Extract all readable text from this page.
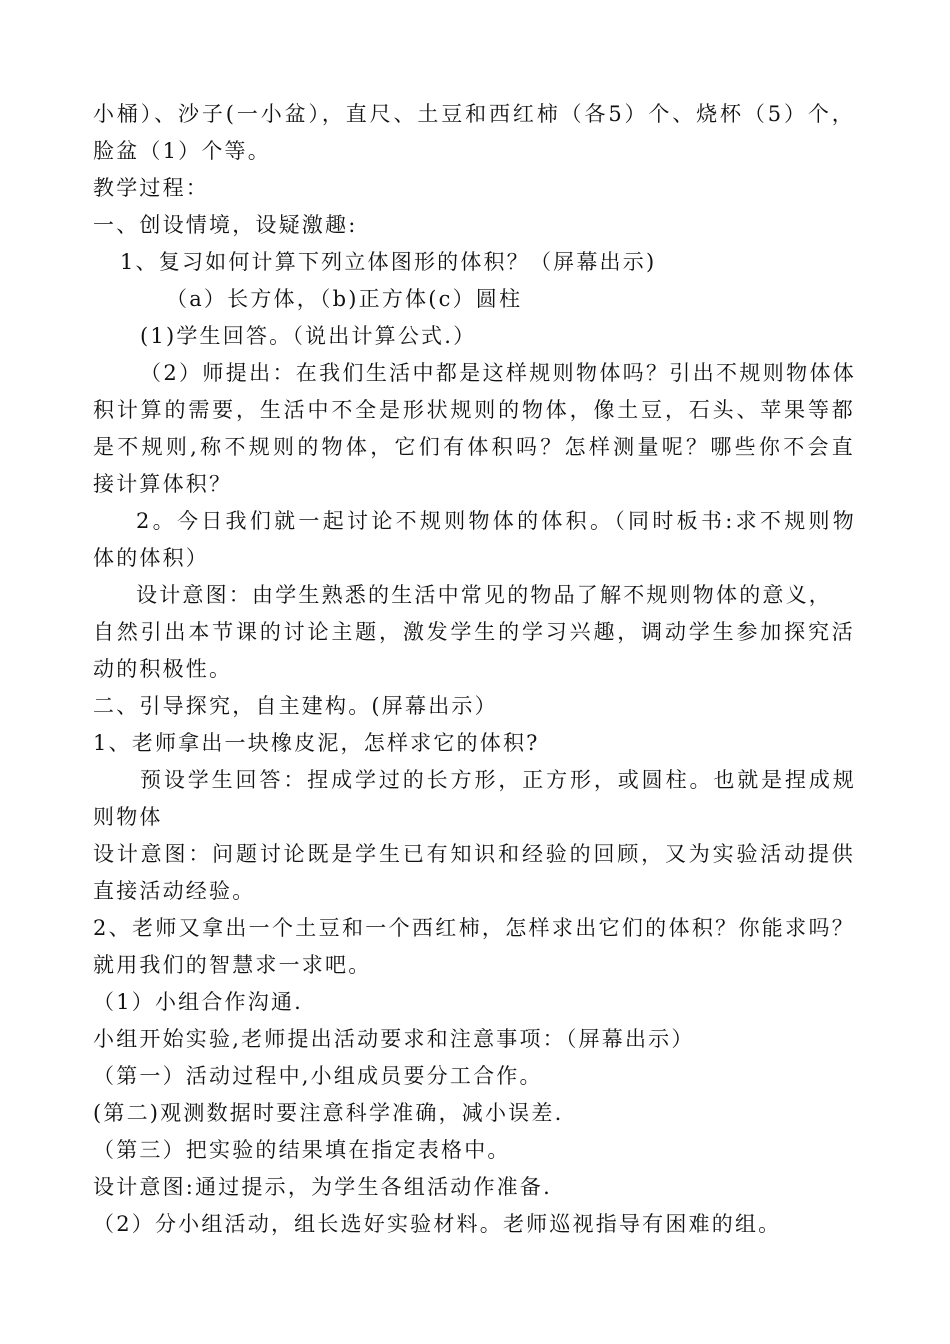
小桶）、沙子(一小盆），直尺、土豆和西红柿（各5）个、烧杯（5）个，
脸盆（1）个等。
教学过程：
一、创设情境，设疑激趣:
1、复习如何计算下列立体图形的体积？（屏幕出示)
（a）长方体，（b)正方体(c）圆柱
(1)学生回答。（说出计算公式.）
（2）师提出：在我们生活中都是这样规则物体吗？引出不规则物体体
积计算的需要，生活中不全是形状规则的物体，像土豆，石头、苹果等都
是不规则,称不规则的物体，它们有体积吗？怎样测量呢？哪些你不会直
接计算体积？
2。今日我们就一起讨论不规则物体的体积。（同时板书:求不规则物
体的体积）
设计意图：由学生熟悉的生活中常见的物品了解不规则物体的意义，
自然引出本节课的讨论主题，激发学生的学习兴趣，调动学生参加探究活
动的积极性。
二、引导探究，自主建构。(屏幕出示）
1、老师拿出一块橡皮泥，怎样求它的体积?
预设学生回答：捏成学过的长方形，正方形，或圆柱。也就是捏成规
则物体
设计意图：问题讨论既是学生已有知识和经验的回顾，又为实验活动提供
直接活动经验。
2、老师又拿出一个土豆和一个西红柿，怎样求出它们的体积？你能求吗？
就用我们的智慧求一求吧。
（1）小组合作沟通.
小组开始实验,老师提出活动要求和注意事项：（屏幕出示）
（第一）活动过程中,小组成员要分工合作。
(第二)观测数据时要注意科学准确，减小误差.
（第三）把实验的结果填在指定表格中。
设计意图:通过提示，为学生各组活动作准备.
（2）分小组活动，组长选好实验材料。老师巡视指导有困难的组。
